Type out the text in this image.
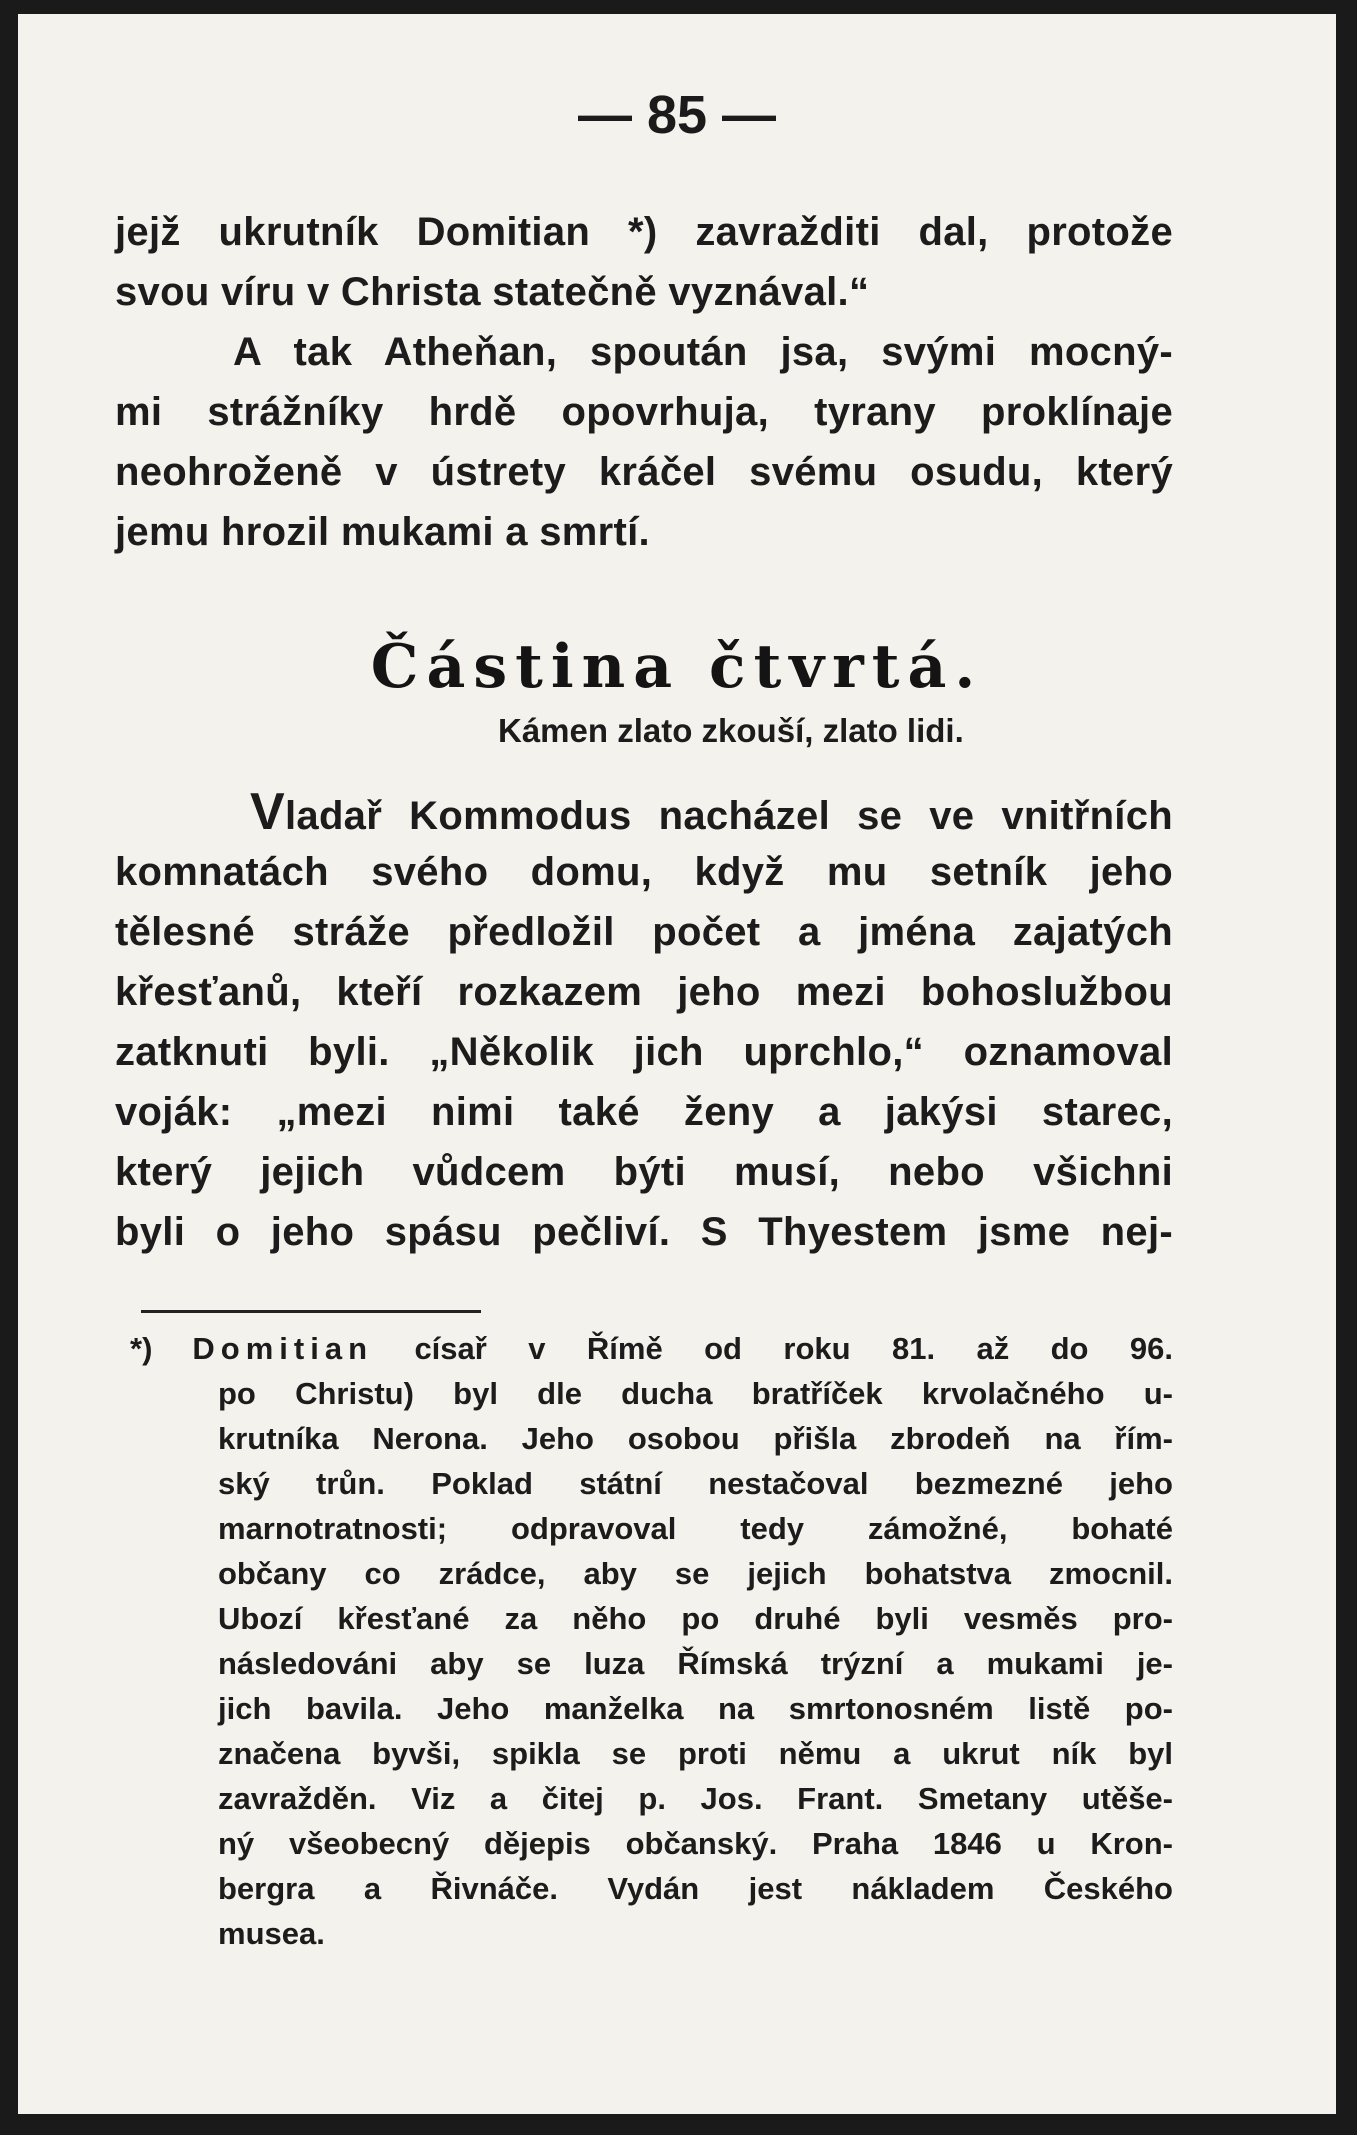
— 85 —
jejž ukrutník Domitian *) zavražditi dal, protože
svou víru v Christa statečně vyznával.“
A tak Atheňan, spoután jsa, svými mocný-
mi strážníky hrdě opovrhuja, tyrany proklínaje
neohroženě v ústrety kráčel svému osudu, který
jemu hrozil mukami a smrtí.
Částina čtvrtá.
Kámen zlato zkouší, zlato lidi.
Vladař Kommodus nacházel se ve vnitřních
komnatách svého domu, když mu setník jeho
tělesné stráže předložil počet a jména zajatých
křesťanů, kteří rozkazem jeho mezi bohoslužbou
zatknuti byli. „Několik jich uprchlo,“ oznamoval
voják: „mezi nimi také ženy a jakýsi starec,
který jejich vůdcem býti musí, nebo všichni
byli o jeho spásu pečliví. S Thyestem jsme nej-
*) Domitian císař v Římě od roku 81. až do 96.
po Christu) byl dle ducha bratříček krvolačného u-
krutníka Nerona. Jeho osobou přišla zbrodeň na řím-
ský trůn. Poklad státní nestačoval bezmezné jeho
marnotratnosti; odpravoval tedy zámožné, bohaté
občany co zrádce, aby se jejich bohatstva zmocnil.
Ubozí křesťané za něho po druhé byli vesměs pro-
následováni aby se luza Římská trýzní a mukami je-
jich bavila. Jeho manželka na smrtonosném listě po-
značena byvši, spikla se proti němu a ukrut ník byl
zavražděn. Viz a čitej p. Jos. Frant. Smetany utěše-
ný všeobecný dějepis občanský. Praha 1846 u Kron-
bergra a Řivnáče. Vydán jest nákladem Českého
musea.
